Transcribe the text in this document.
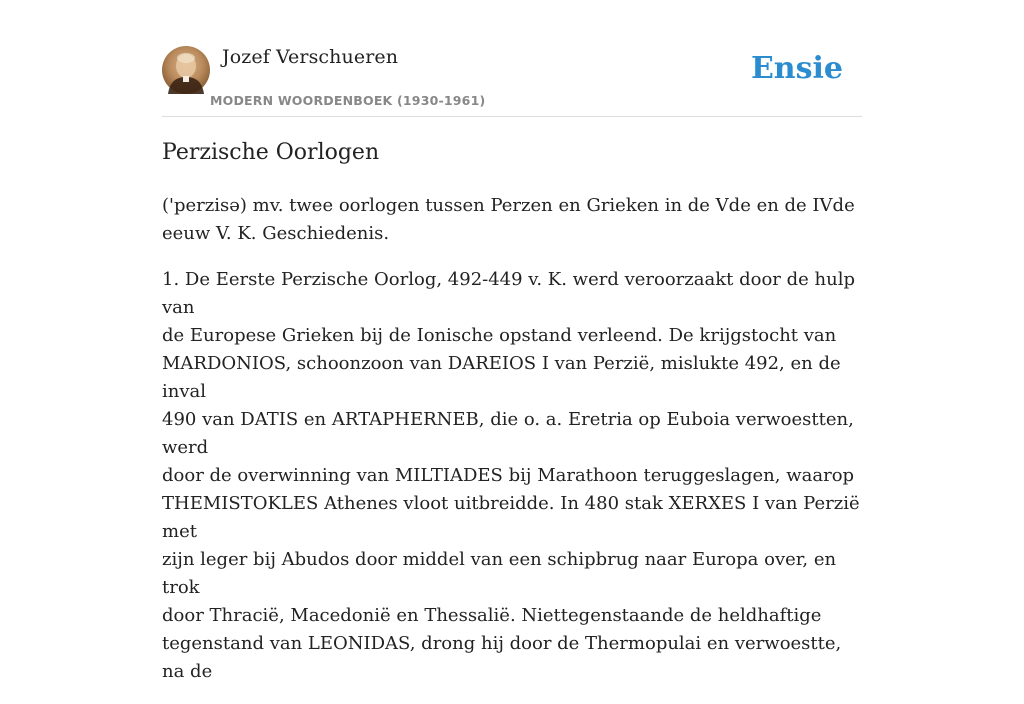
Jozef Verschueren
MODERN WOORDENBOEK (1930-1961)
Ensie
Perzische Oorlogen

('perzisə) mv. twee oorlogen tussen Perzen en Grieken in de Vde en de IVde
eeuw V. K. Geschiedenis.

1. De Eerste Perzische Oorlog, 492-449 v. K. werd veroorzaakt door de hulp van
de Europese Grieken bij de Ionische opstand verleend. De krijgstocht van
MARDONIOS, schoonzoon van DAREIOS I van Perzië, mislukte 492, en de inval
490 van DATIS en ARTAPHERNEB, die o. a. Eretria op Euboia verwoestten, werd
door de overwinning van MILTIADES bij Marathoon teruggeslagen, waarop
THEMISTOKLES Athenes vloot uitbreidde. In 480 stak XERXES I van Perzië met
zijn leger bij Abudos door middel van een schipbrug naar Europa over, en trok
door Thracië, Macedonië en Thessalië. Niettegenstaande de heldhaftige
tegenstand van LEONIDAS, drong hij door de Thermopulai en verwoestte, na de
